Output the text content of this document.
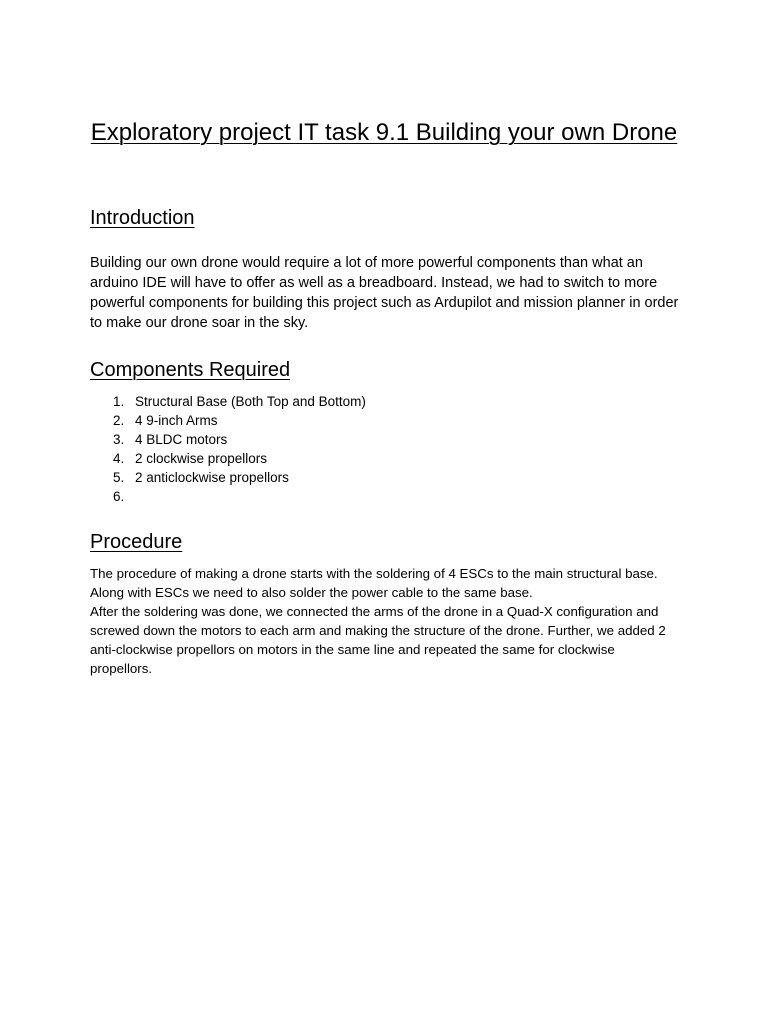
Exploratory project IT task 9.1 Building your own Drone
Introduction

Building our own drone would require a lot of more powerful components than what an arduino IDE will have to offer as well as a breadboard. Instead, we had to switch to more powerful components for building this project such as Ardupilot and mission planner in order to make our drone soar in the sky.

Components Required
1. Structural Base (Both Top and Bottom)
2. 4 9-inch Arms
3. 4 BLDC motors
4. 2 clockwise propellors
5. 2 anticlockwise propellors
6.
Procedure
The procedure of making a drone starts with the soldering of 4 ESCs to the main structural base. Along with ESCs we need to also solder the power cable to the same base.
After the soldering was done, we connected the arms of the drone in a Quad-X configuration and screwed down the motors to each arm and making the structure of the drone. Further, we added 2 anti-clockwise propellors on motors in the same line and repeated the same for clockwise propellors.
